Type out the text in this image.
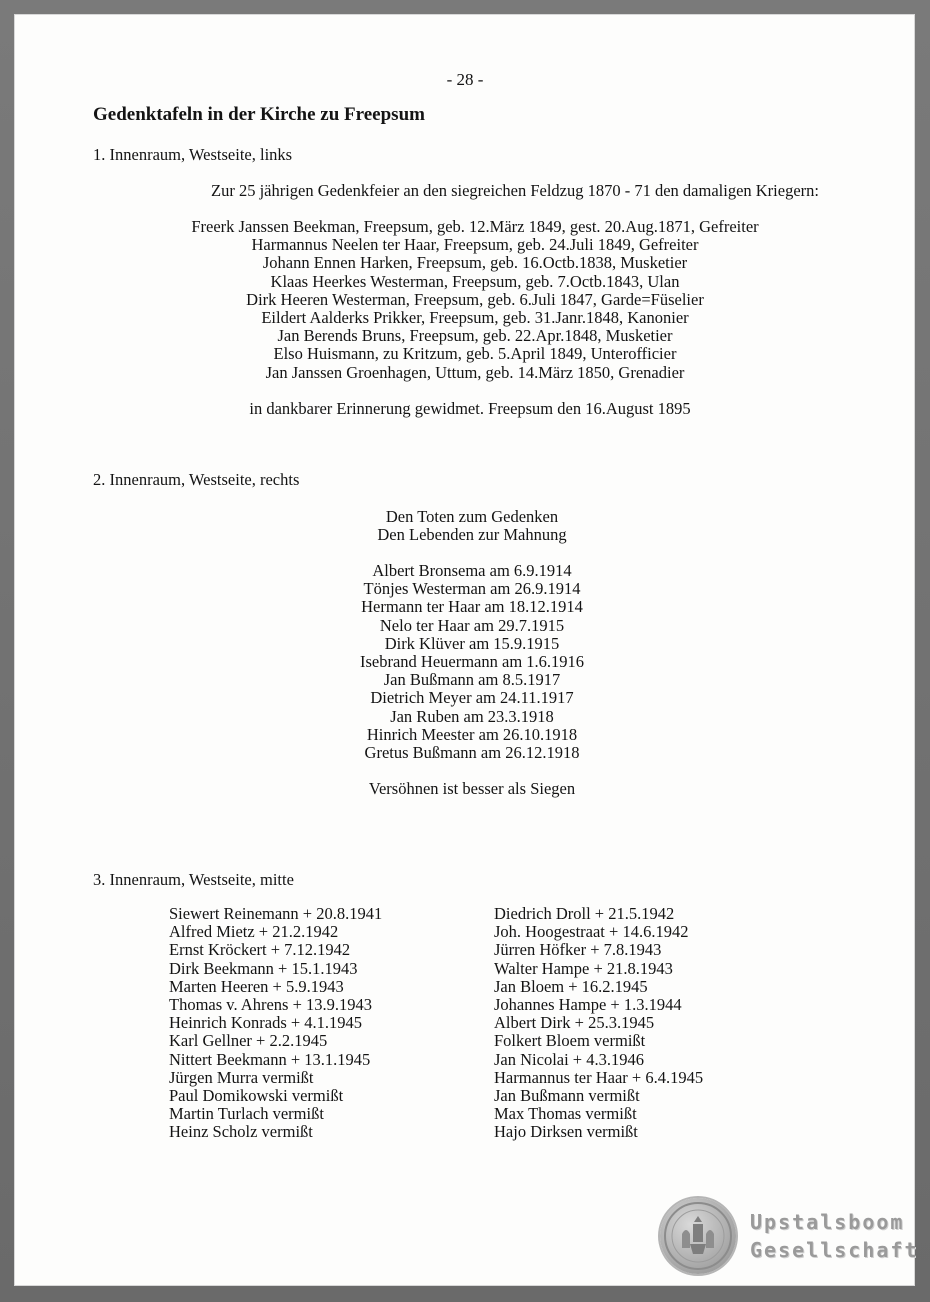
- 28 -
Gedenktafeln in der Kirche zu Freepsum
1. Innenraum, Westseite, links
Zur 25 jährigen Gedenkfeier an den siegreichen Feldzug 1870 - 71 den damaligen Kriegern:
Freerk Janssen Beekman, Freepsum, geb. 12.März 1849, gest. 20.Aug.1871, Gefreiter
Harmannus Neelen ter Haar, Freepsum, geb. 24.Juli 1849, Gefreiter
Johann Ennen Harken, Freepsum, geb. 16.Octb.1838, Musketier
Klaas Heerkes Westerman, Freepsum, geb. 7.Octb.1843, Ulan
Dirk Heeren Westerman, Freepsum, geb. 6.Juli 1847, Garde=Füselier
Eildert Aalderks Prikker, Freepsum, geb. 31.Janr.1848, Kanonier
Jan Berends Bruns, Freepsum, geb. 22.Apr.1848, Musketier
Elso Huismann, zu Kritzum, geb. 5.April 1849, Unterofficier
Jan Janssen Groenhagen, Uttum, geb. 14.März 1850, Grenadier
in dankbarer Erinnerung gewidmet. Freepsum den 16.August 1895
2. Innenraum, Westseite, rechts
Den Toten zum Gedenken
Den Lebenden zur Mahnung
Albert Bronsema am 6.9.1914
Tönjes Westerman am 26.9.1914
Hermann ter Haar am 18.12.1914
Nelo ter Haar am 29.7.1915
Dirk Klüver am 15.9.1915
Isebrand Heuermann am 1.6.1916
Jan Bußmann am 8.5.1917
Dietrich Meyer am 24.11.1917
Jan Ruben am 23.3.1918
Hinrich Meester am 26.10.1918
Gretus Bußmann am 26.12.1918
Versöhnen ist besser als Siegen
3. Innenraum, Westseite, mitte
Siewert Reinemann + 20.8.1941
Alfred Mietz + 21.2.1942
Ernst Kröckert + 7.12.1942
Dirk Beekmann + 15.1.1943
Marten Heeren + 5.9.1943
Thomas v. Ahrens + 13.9.1943
Heinrich Konrads + 4.1.1945
Karl Gellner + 2.2.1945
Nittert Beekmann + 13.1.1945
Jürgen Murra vermißt
Paul Domikowski vermißt
Martin Turlach vermißt
Heinz Scholz vermißt
Diedrich Droll + 21.5.1942
Joh. Hoogestraat + 14.6.1942
Jürren Höfker + 7.8.1943
Walter Hampe + 21.8.1943
Jan Bloem + 16.2.1945
Johannes Hampe + 1.3.1944
Albert Dirk + 25.3.1945
Folkert Bloem vermißt
Jan Nicolai + 4.3.1946
Harmannus ter Haar + 6.4.1945
Jan Bußmann vermißt
Max Thomas vermißt
Hajo Dirksen vermißt
Upstalsboom
Gesellschaft
